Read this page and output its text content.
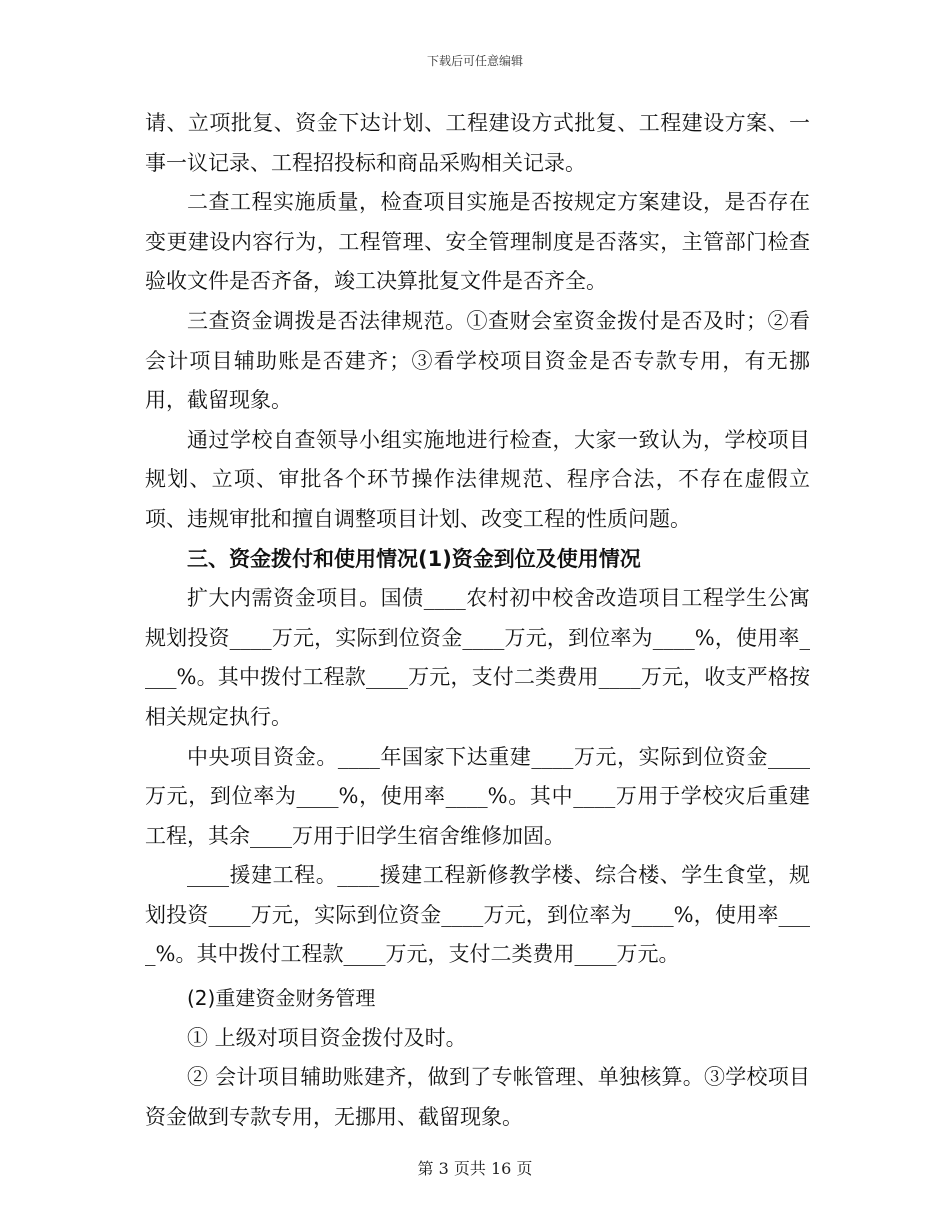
下载后可任意编辑

请、立项批复、资金下达计划、工程建设方式批复、工程建设方案、一事一议记录、工程招投标和商品采购相关记录。

二查工程实施质量，检查项目实施是否按规定方案建设，是否存在变更建设内容行为，工程管理、安全管理制度是否落实，主管部门检查验收文件是否齐备，竣工决算批复文件是否齐全。

三查资金调拨是否法律规范。①查财会室资金拨付是否及时；②看会计项目辅助账是否建齐；③看学校项目资金是否专款专用，有无挪用，截留现象。

通过学校自查领导小组实施地进行检查，大家一致认为，学校项目规划、立项、审批各个环节操作法律规范、程序合法，不存在虚假立项、违规审批和擅自调整项目计划、改变工程的性质问题。

三、资金拨付和使用情况(1)资金到位及使用情况

扩大内需资金项目。国债____农村初中校舍改造项目工程学生公寓规划投资____万元，实际到位资金____万元，到位率为____%，使用率____%。其中拨付工程款____万元，支付二类费用____万元，收支严格按相关规定执行。

中央项目资金。____年国家下达重建____万元，实际到位资金____万元，到位率为____%，使用率____%。其中____万用于学校灾后重建工程，其余____万用于旧学生宿舍维修加固。

____援建工程。____援建工程新修教学楼、综合楼、学生食堂，规划投资____万元，实际到位资金____万元，到位率为____%，使用率____%。其中拨付工程款____万元，支付二类费用____万元。

(2)重建资金财务管理

① 上级对项目资金拨付及时。

② 会计项目辅助账建齐，做到了专帐管理、单独核算。③学校项目资金做到专款专用，无挪用、截留现象。

第 3 页共 16 页
